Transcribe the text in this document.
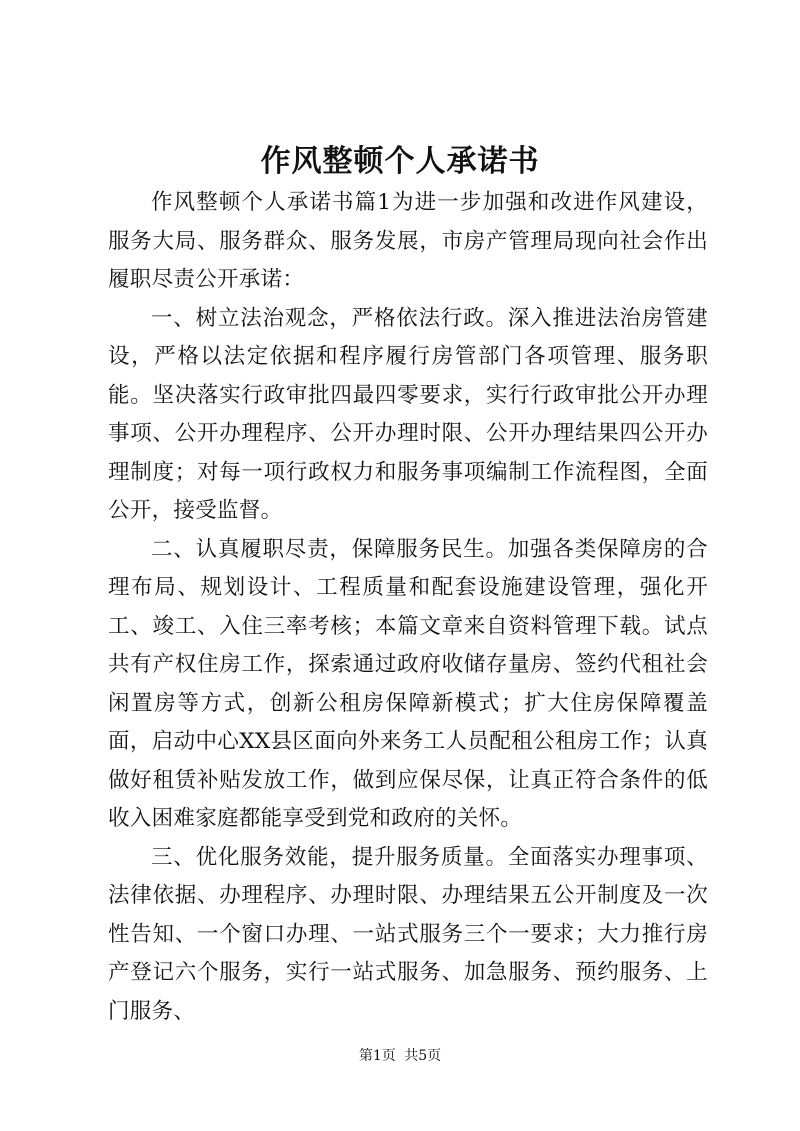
作风整顿个人承诺书

作风整顿个人承诺书篇1为进一步加强和改进作风建设，服务大局、服务群众、服务发展，市房产管理局现向社会作出履职尽责公开承诺：

一、树立法治观念，严格依法行政。深入推进法治房管建设，严格以法定依据和程序履行房管部门各项管理、服务职能。坚决落实行政审批四最四零要求，实行行政审批公开办理事项、公开办理程序、公开办理时限、公开办理结果四公开办理制度；对每一项行政权力和服务事项编制工作流程图，全面公开，接受监督。

二、认真履职尽责，保障服务民生。加强各类保障房的合理布局、规划设计、工程质量和配套设施建设管理，强化开工、竣工、入住三率考核；本篇文章来自资料管理下载。试点共有产权住房工作，探索通过政府收储存量房、签约代租社会闲置房等方式，创新公租房保障新模式；扩大住房保障覆盖面，启动中心XX县区面向外来务工人员配租公租房工作；认真做好租赁补贴发放工作，做到应保尽保，让真正符合条件的低收入困难家庭都能享受到党和政府的关怀。

三、优化服务效能，提升服务质量。全面落实办理事项、法律依据、办理程序、办理时限、办理结果五公开制度及一次性告知、一个窗口办理、一站式服务三个一要求；大力推行房产登记六个服务，实行一站式服务、加急服务、预约服务、上门服务、

第1页 共5页
